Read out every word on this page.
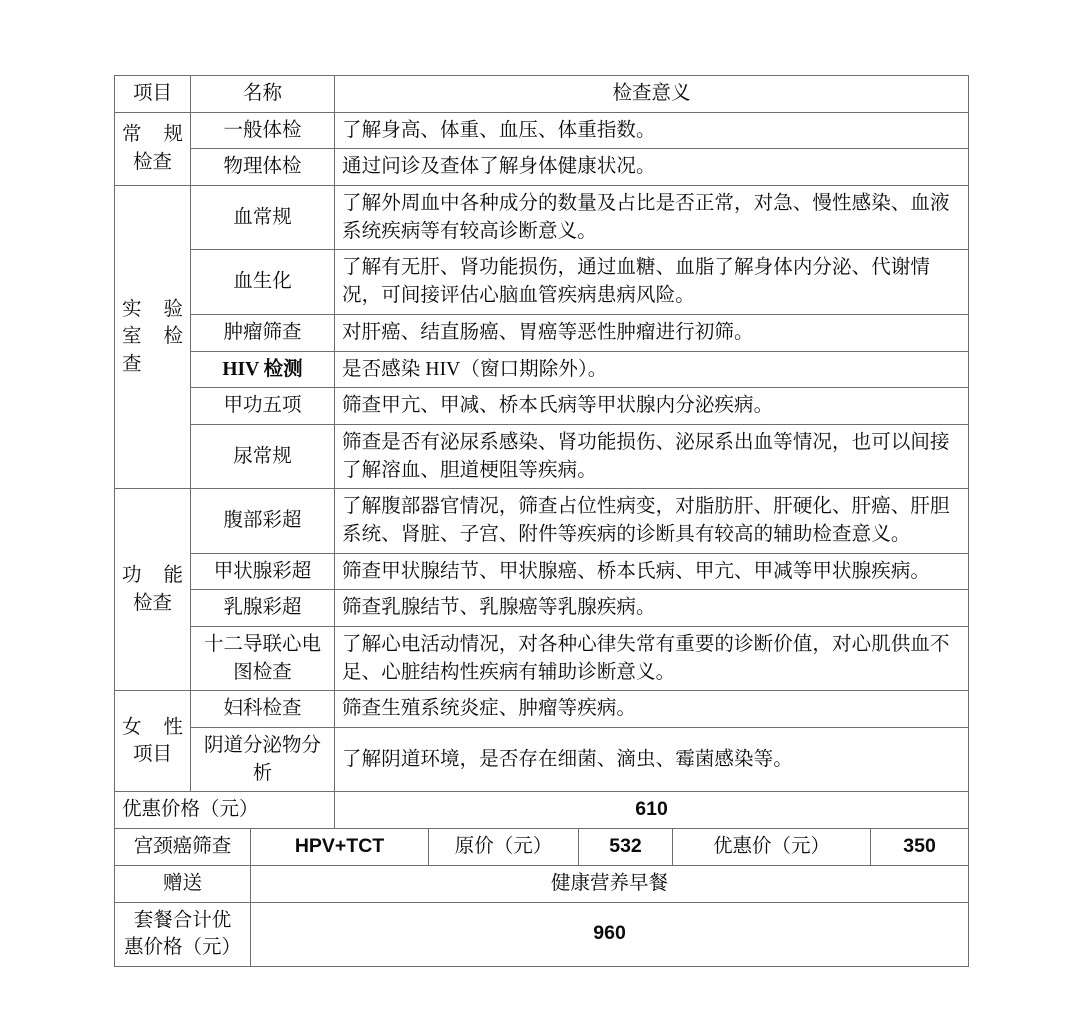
项目	名称		检查意义				

常 规
检查	一般体检		了解身高、体重、血压、体重指数。				
	物理体检		通过问诊及查体了解身体健康状况。				

实 验
室 检
查	血常规		了解外周血中各种成分的数量及占比是否正常，对急、慢性感染、血液系统疾病等有较高诊断意义。				
	血生化		了解有无肝、肾功能损伤，通过血糖、血脂了解身体内分泌、代谢情况，可间接评估心脑血管疾病患病风险。				
	肿瘤筛查		对肝癌、结直肠癌、胃癌等恶性肿瘤进行初筛。				
	HIV 检测		是否感染 HIV（窗口期除外）。				
	甲功五项		筛查甲亢、甲减、桥本氏病等甲状腺内分泌疾病。				
	尿常规		筛查是否有泌尿系感染、肾功能损伤、泌尿系出血等情况，也可以间接了解溶血、胆道梗阻等疾病。				

功 能
检查	腹部彩超		了解腹部器官情况，筛查占位性病变，对脂肪肝、肝硬化、肝癌、肝胆系统、肾脏、子宫、附件等疾病的诊断具有较高的辅助检查意义。				
	甲状腺彩超		筛查甲状腺结节、甲状腺癌、桥本氏病、甲亢、甲减等甲状腺疾病。				
	乳腺彩超		筛查乳腺结节、乳腺癌等乳腺疾病。				
	十二导联心电图检查		了解心电活动情况，对各种心律失常有重要的诊断价值，对心肌供血不足、心脏结构性疾病有辅助诊断意义。				

女 性
项目	妇科检查		筛查生殖系统炎症、肿瘤等疾病。				
	阴道分泌物分析		了解阴道环境，是否存在细菌、滴虫、霉菌感染等。				
优惠价格（元）			610				
宫颈癌筛查		HPV+TCT		原价（元）	532	优惠价（元）	350
赠送		健康营养早餐					

套餐合计优
惠价格（元）		960					
